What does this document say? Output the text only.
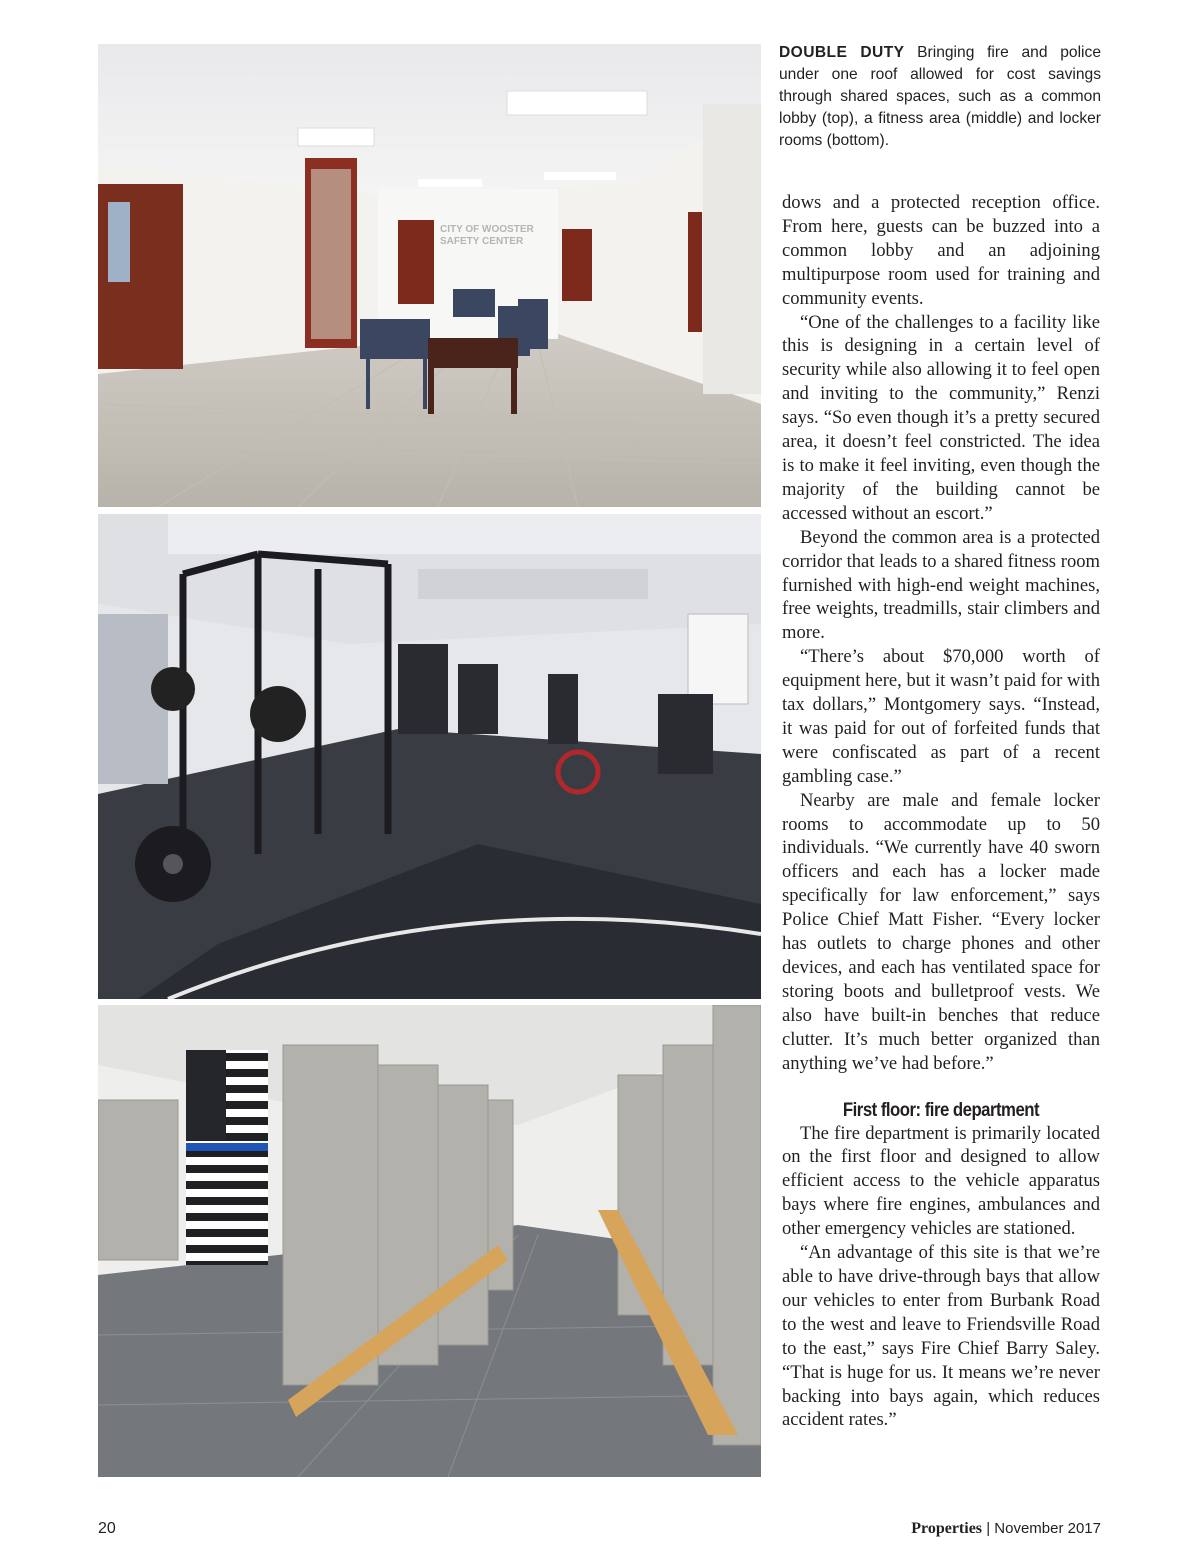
CITY OF WOOSTER
SAFETY CENTER
DOUBLE DUTY Bringing fire and police under one roof allowed for cost savings through shared spaces, such as a common lobby (top), a fitness area (middle) and locker rooms (bottom).

dows and a protected reception office. From here, guests can be buzzed into a common lobby and an adjoining multipurpose room used for training and community events.

“One of the challenges to a facility like this is designing in a certain level of security while also allowing it to feel open and inviting to the community,” Renzi says. “So even though it’s a pretty secured area, it doesn’t feel constricted. The idea is to make it feel inviting, even though the majority of the building cannot be accessed without an escort.”

Beyond the common area is a protected corridor that leads to a shared fitness room furnished with high-end weight machines, free weights, treadmills, stair climbers and more.

“There’s about $70,000 worth of equipment here, but it wasn’t paid for with tax dollars,” Montgomery says. “Instead, it was paid for out of forfeited funds that were confiscated as part of a recent gambling case.”

Nearby are male and female locker rooms to accommodate up to 50 individuals. “We currently have 40 sworn officers and each has a locker made specifically for law enforcement,” says Police Chief Matt Fisher. “Every locker has outlets to charge phones and other devices, and each has ventilated space for storing boots and bulletproof vests. We also have built-in benches that reduce clutter. It’s much better organized than anything we’ve had before.”

First floor: fire department

The fire department is primarily located on the first floor and designed to allow efficient access to the vehicle apparatus bays where fire engines, ambulances and other emergency vehicles are stationed.

“An advantage of this site is that we’re able to have drive-through bays that allow our vehicles to enter from Burbank Road to the west and leave to Friendsville Road to the east,” says Fire Chief Barry Saley. “That is huge for us. It means we’re never backing into bays again, which reduces accident rates.”

20	Properties | November 2017
